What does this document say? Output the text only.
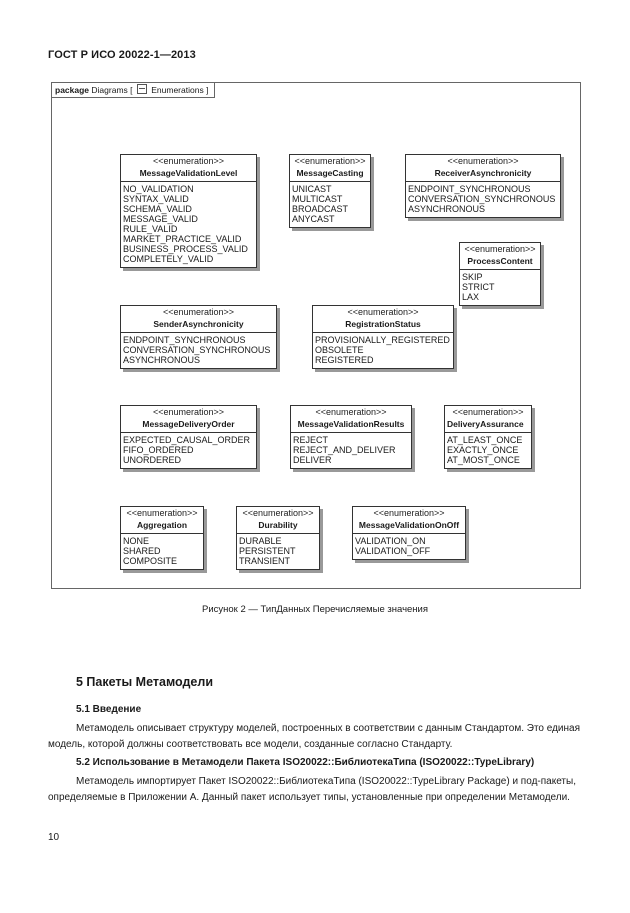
ГОСТ Р ИСО 20022-1—2013
package Diagrams [ Enumerations ]
<<enumeration>>
MessageValidationLevel
NO_VALIDATION
SYNTAX_VALID
SCHEMA_VALID
MESSAGE_VALID
RULE_VALID
MARKET_PRACTICE_VALID
BUSINESS_PROCESS_VALID
COMPLETELY_VALID
<<enumeration>>
MessageCasting
UNICAST
MULTICAST
BROADCAST
ANYCAST
<<enumeration>>
ReceiverAsynchronicity
ENDPOINT_SYNCHRONOUS
CONVERSATION_SYNCHRONOUS
ASYNCHRONOUS
<<enumeration>>
ProcessContent
SKIP
STRICT
LAX
<<enumeration>>
SenderAsynchronicity
ENDPOINT_SYNCHRONOUS
CONVERSATION_SYNCHRONOUS
ASYNCHRONOUS
<<enumeration>>
RegistrationStatus
PROVISIONALLY_REGISTERED
OBSOLETE
REGISTERED
<<enumeration>>
MessageDeliveryOrder
EXPECTED_CAUSAL_ORDER
FIFO_ORDERED
UNORDERED
<<enumeration>>
MessageValidationResults
REJECT
REJECT_AND_DELIVER
DELIVER
<<enumeration>>
DeliveryAssurance
AT_LEAST_ONCE
EXACTLY_ONCE
AT_MOST_ONCE
<<enumeration>>
Aggregation
NONE
SHARED
COMPOSITE
<<enumeration>>
Durability
DURABLE
PERSISTENT
TRANSIENT
<<enumeration>>
MessageValidationOnOff
VALIDATION_ON
VALIDATION_OFF
Рисунок 2 — ТипДанных Перечисляемые значения
5 Пакеты Метамодели
5.1 Введение
Метамодель описывает структуру моделей, построенных в соответствии с данным Стандартом. Это единая модель, которой должны соответствовать все модели, созданные согласно Стандарту.
5.2 Использование в Метамодели Пакета ISO20022::БиблиотекаТипа (ISO20022::TypeLibrary)
Метамодель импортирует Пакет ISO20022::БиблиотекаТипа (ISO20022::TypeLibrary Package) и под-пакеты, определяемые в Приложении А. Данный пакет использует типы, установленные при определении Метамодели.
10
